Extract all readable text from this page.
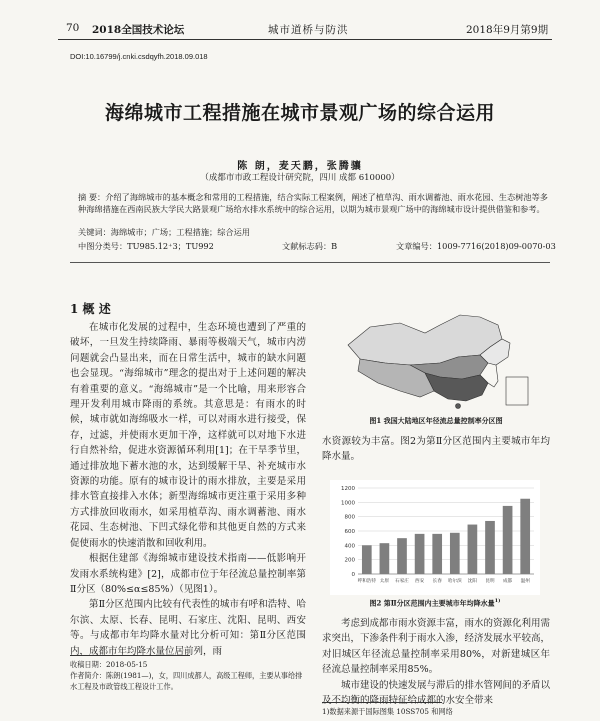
70 2018全国技术论坛	城市道桥与防洪	2018年9月第9期
DOI:10.16799/j.cnki.csdqyfh.2018.09.018
海绵城市工程措施在城市景观广场的综合运用
陈 朗，麦天鹏，张腾骧
（成都市市政工程设计研究院，四川 成都 610000）
摘 要：介绍了海绵城市的基本概念和常用的工程措施，结合实际工程案例，阐述了植草沟、雨水调蓄池、雨水花园、生态树池等多种海绵措施在西南民族大学民大路景观广场给水排水系统中的综合运用，以期为城市景观广场中的海绵城市设计提供借鉴和参考。
关键词：海绵城市；广场；工程措施；综合运用
中图分类号：TU985.12⁺3；TU992	文献标志码：B	文章编号：1009-7716(2018)09-0070-03
1 概 述

在城市化发展的过程中，生态环境也遭到了严重的破坏，一旦发生持续降雨、暴雨等极端天气，城市内涝问题就会凸显出来，而在日常生活中，城市的缺水问题也会显现。“海绵城市”理念的提出对于上述问题的解决有着重要的意义。“海绵城市”是一个比喻，用来形容合理开发利用城市降雨的系统。其意思是：有雨水的时候，城市就如海绵吸水一样，可以对雨水进行接受，保存，过滤，并使雨水更加干净，这样就可以对地下水进行自然补给，促进水资源循环利用[1]；在干旱季节里，通过排放地下蓄水池的水，达到缓解干旱、补充城市水资源的功能。原有的城市设计的雨水排放，主要是采用排水管直接排入水体；新型海绵城市更注重于采用多种方式排放回收雨水，如采用植草沟、雨水调蓄池、雨水花园、生态树池、下凹式绿化带和其他更自然的方式来促使雨水的快速消散和回收利用。

根据住建部《海绵城市建设技术指南——低影响开发雨水系统构建》[2]，成都市位于年径流总量控制率第Ⅱ分区（80%≤α≤85%）（见图1）。

第Ⅱ分区范围内比较有代表性的城市有呼和浩特、哈尔滨、太原、长春、昆明、石家庄、沈阳、昆明、西安等。与成都市年均降水量对比分析可知：第Ⅱ分区范围内，成都市年均降水量位居前列，雨

图1 我国大陆地区年径流总量控制率分区图

水资源较为丰富。图2为第Ⅱ分区范围内主要城市年均降水量。

0
200
400
600
800
1000
1200
呼和浩特 太原 石家庄 西安 长春 哈尔滨 沈阳 昆明 成都 温州
图2 第Ⅱ分区范围内主要城市年均降水量$^{1)}$

考虑到成都市雨水资源丰富，雨水的资源化利用需求突出，下渗条件利于雨水入渗，经济发展水平较高，对旧城区年径流总量控制率采用80%，对新建城区年径流总量控制率采用85%。

城市建设的快速发展与滞后的排水管网间的矛盾以及不均衡的降雨特征给成都的水安全带来

收稿日期：2018-05-15
作者简介：陈朗(1981—)，女，四川成都人，高级工程师，主要从事给排水工程及市政管线工程设计工作。
1)数据来源于国际图集 10SS705 和网络
